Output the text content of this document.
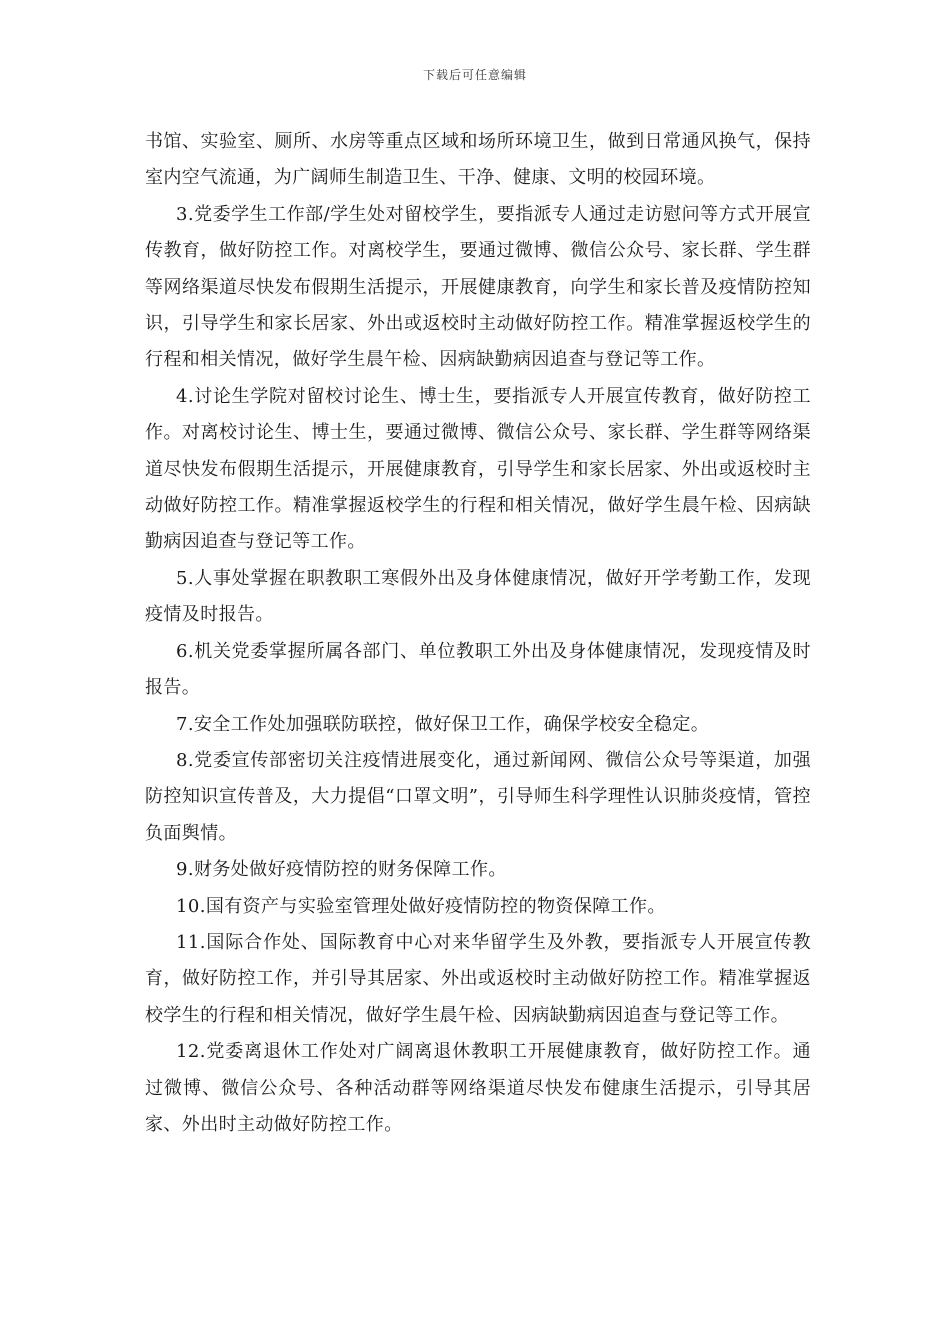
下载后可任意编辑

书馆、实验室、厕所、水房等重点区域和场所环境卫生，做到日常通风换气，保持室内空气流通，为广阔师生制造卫生、干净、健康、文明的校园环境。

3.党委学生工作部/学生处对留校学生，要指派专人通过走访慰问等方式开展宣传教育，做好防控工作。对离校学生，要通过微博、微信公众号、家长群、学生群等网络渠道尽快发布假期生活提示，开展健康教育，向学生和家长普及疫情防控知识，引导学生和家长居家、外出或返校时主动做好防控工作。精准掌握返校学生的行程和相关情况，做好学生晨午检、因病缺勤病因追查与登记等工作。

4.讨论生学院对留校讨论生、博士生，要指派专人开展宣传教育，做好防控工作。对离校讨论生、博士生，要通过微博、微信公众号、家长群、学生群等网络渠道尽快发布假期生活提示，开展健康教育，引导学生和家长居家、外出或返校时主动做好防控工作。精准掌握返校学生的行程和相关情况，做好学生晨午检、因病缺勤病因追查与登记等工作。

5.人事处掌握在职教职工寒假外出及身体健康情况，做好开学考勤工作，发现疫情及时报告。

6.机关党委掌握所属各部门、单位教职工外出及身体健康情况，发现疫情及时报告。

7.安全工作处加强联防联控，做好保卫工作，确保学校安全稳定。

8.党委宣传部密切关注疫情进展变化，通过新闻网、微信公众号等渠道，加强防控知识宣传普及，大力提倡“口罩文明”，引导师生科学理性认识肺炎疫情，管控负面舆情。

9.财务处做好疫情防控的财务保障工作。

10.国有资产与实验室管理处做好疫情防控的物资保障工作。

11.国际合作处、国际教育中心对来华留学生及外教，要指派专人开展宣传教育，做好防控工作，并引导其居家、外出或返校时主动做好防控工作。精准掌握返校学生的行程和相关情况，做好学生晨午检、因病缺勤病因追查与登记等工作。

12.党委离退休工作处对广阔离退休教职工开展健康教育，做好防控工作。通过微博、微信公众号、各种活动群等网络渠道尽快发布健康生活提示，引导其居家、外出时主动做好防控工作。
